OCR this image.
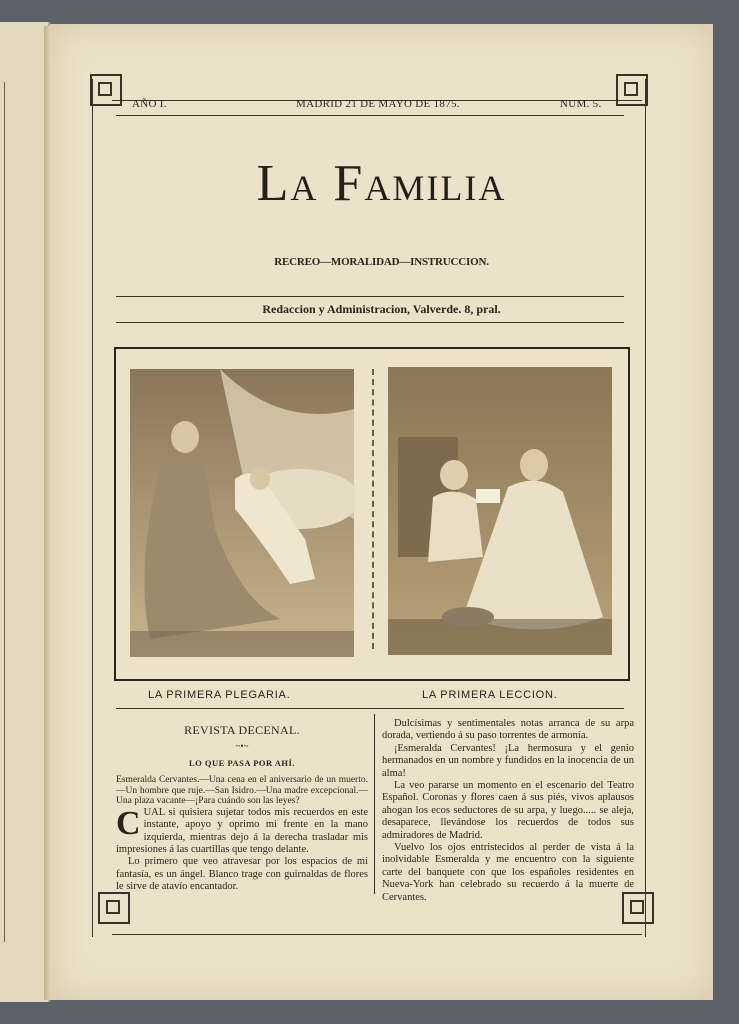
AÑO I.	MADRID 21 DE MAYO DE 1875.	NUM. 5.
La Familia
RECREO—MORALIDAD—INSTRUCCION.
Redaccion y Administracion, Valverde. 8, pral.
LA PRIMERA PLEGARIA.	LA PRIMERA LECCION.
REVISTA DECENAL.
~•~
LO QUE PASA POR AHÍ.

Esmeralda Cervantes.—Una cena en el aniversario de un muerto.—Un hombre que ruje.—San Isidro.—Una madre excepcional.—Una plaza vacante—¡Para cuándo son las leyes?

CUAL si quisiera sujetar todos mis recuerdos en este instante, apoyo y oprimo mi frente en la mano izquierda, mientras dejo á la derecha trasladar mis impresiones á las cuartillas que tengo delante.

Lo primero que veo atravesar por los espacios de mi fantasía, es un ángel. Blanco trage con guirnaldas de flores le sirve de atavío encantador.

Dulcísimas y sentimentales notas arranca de su arpa dorada, vertiendo á su paso torrentes de armonía.

¡Esmeralda Cervantes! ¡La hermosura y el genio hermanados en un nombre y fundidos en la inocencia de un alma!

La veo pararse un momento en el escenario del Teatro Español. Coronas y flores caen á sus piés, vivos aplausos ahogan los ecos seductores de su arpa, y luego..... se aleja, desaparece, llevándose los recuerdos de todos sus admiradores de Madrid.

Vuelvo los ojos entristecidos al perder de vista á la inolvidable Esmeralda y me encuentro con la siguiente carte del banquete con que los españoles residentes en Nueva-York han celebrado su recuerdo á la muerte de Cervantes.
